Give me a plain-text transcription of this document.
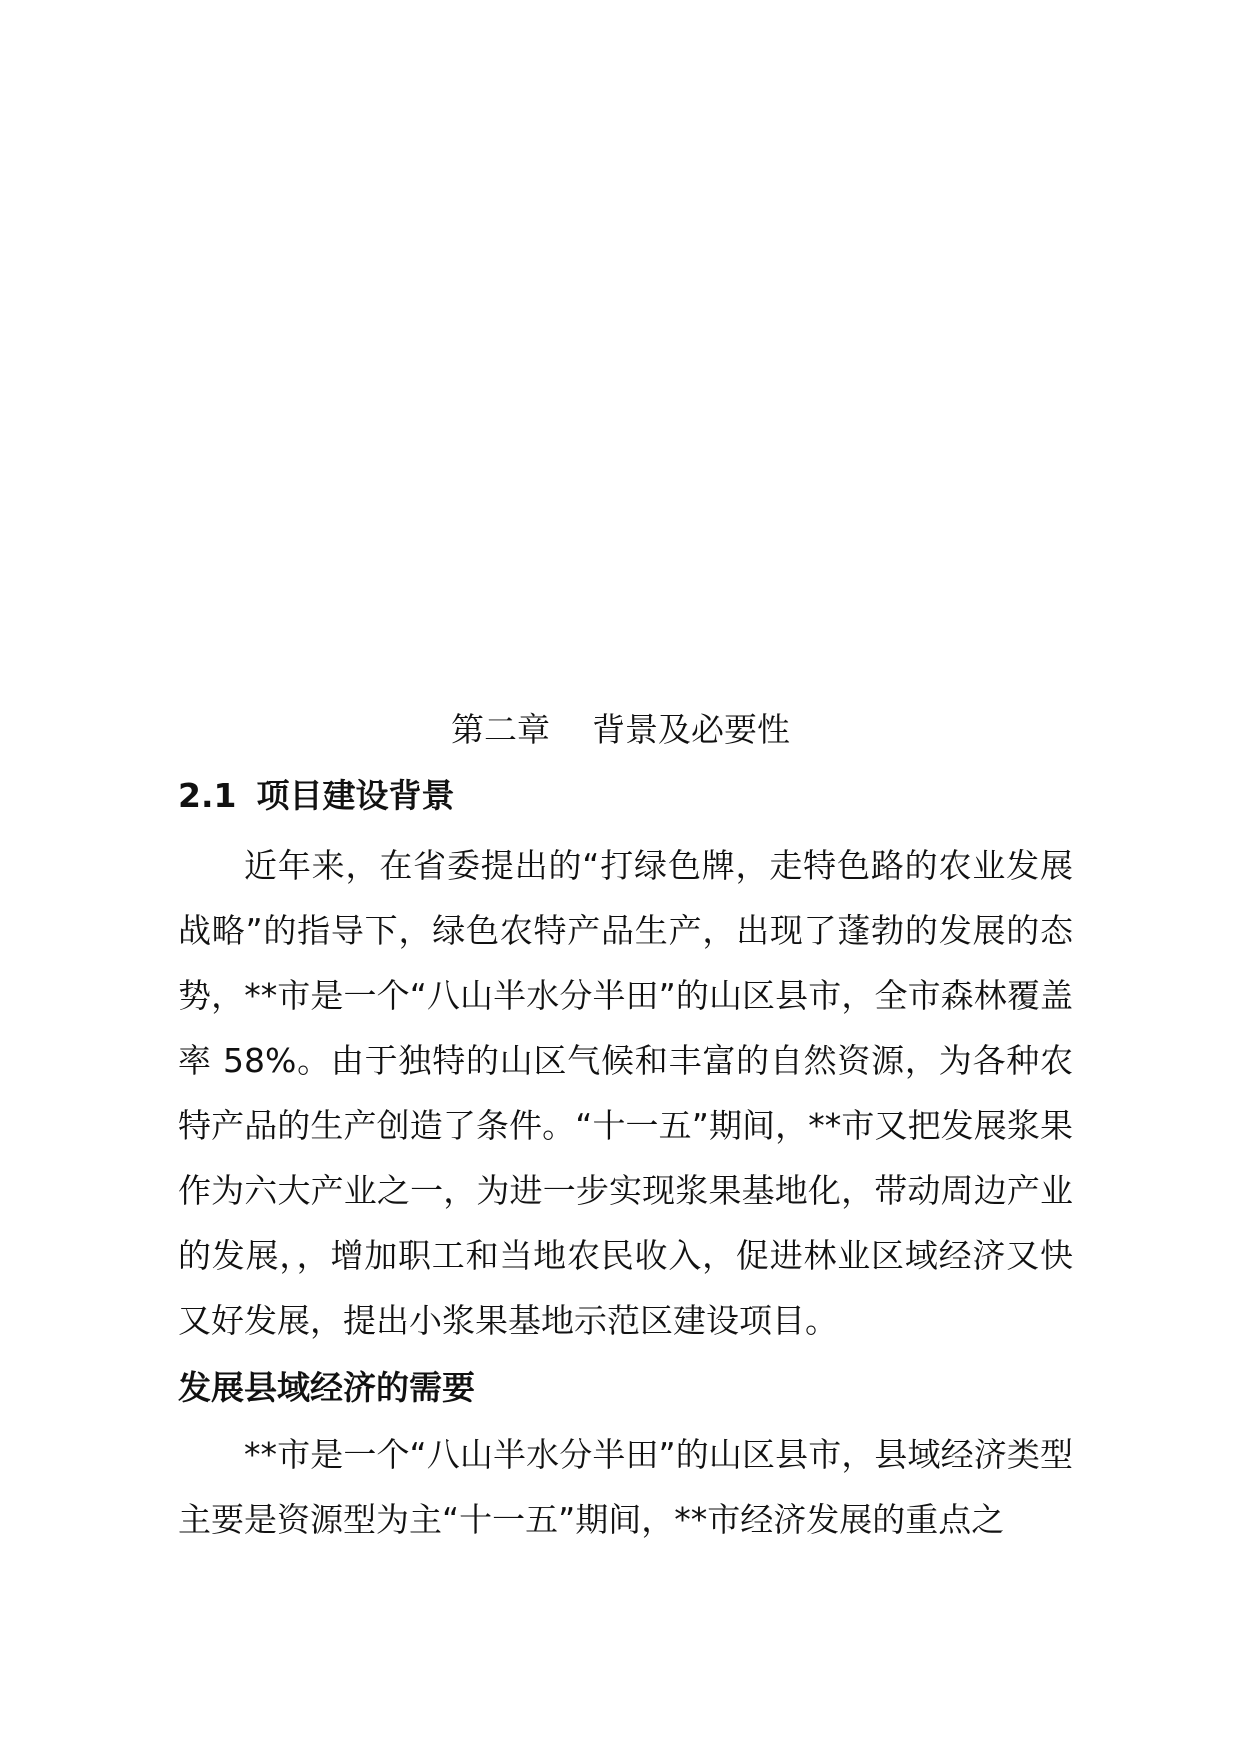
第二章    背景及必要性
2.1 项目建设背景

近年来，在省委提出的“打绿色牌，走特色路的农业发展战略”的指导下，绿色农特产品生产，出现了蓬勃的发展的态势，**市是一个“八山半水分半田”的山区县市，全市森林覆盖率 58%。由于独特的山区气候和丰富的自然资源，为各种农特产品的生产创造了条件。“十一五”期间，**市又把发展浆果作为六大产业之一，为进一步实现浆果基地化，带动周边产业的发展，，增加职工和当地农民收入，促进林业区域经济又快又好发展，提出小浆果基地示范区建设项目。

发展县域经济的需要

**市是一个“八山半水分半田”的山区县市，县域经济类型主要是资源型为主“十一五”期间，**市经济发展的重点之
